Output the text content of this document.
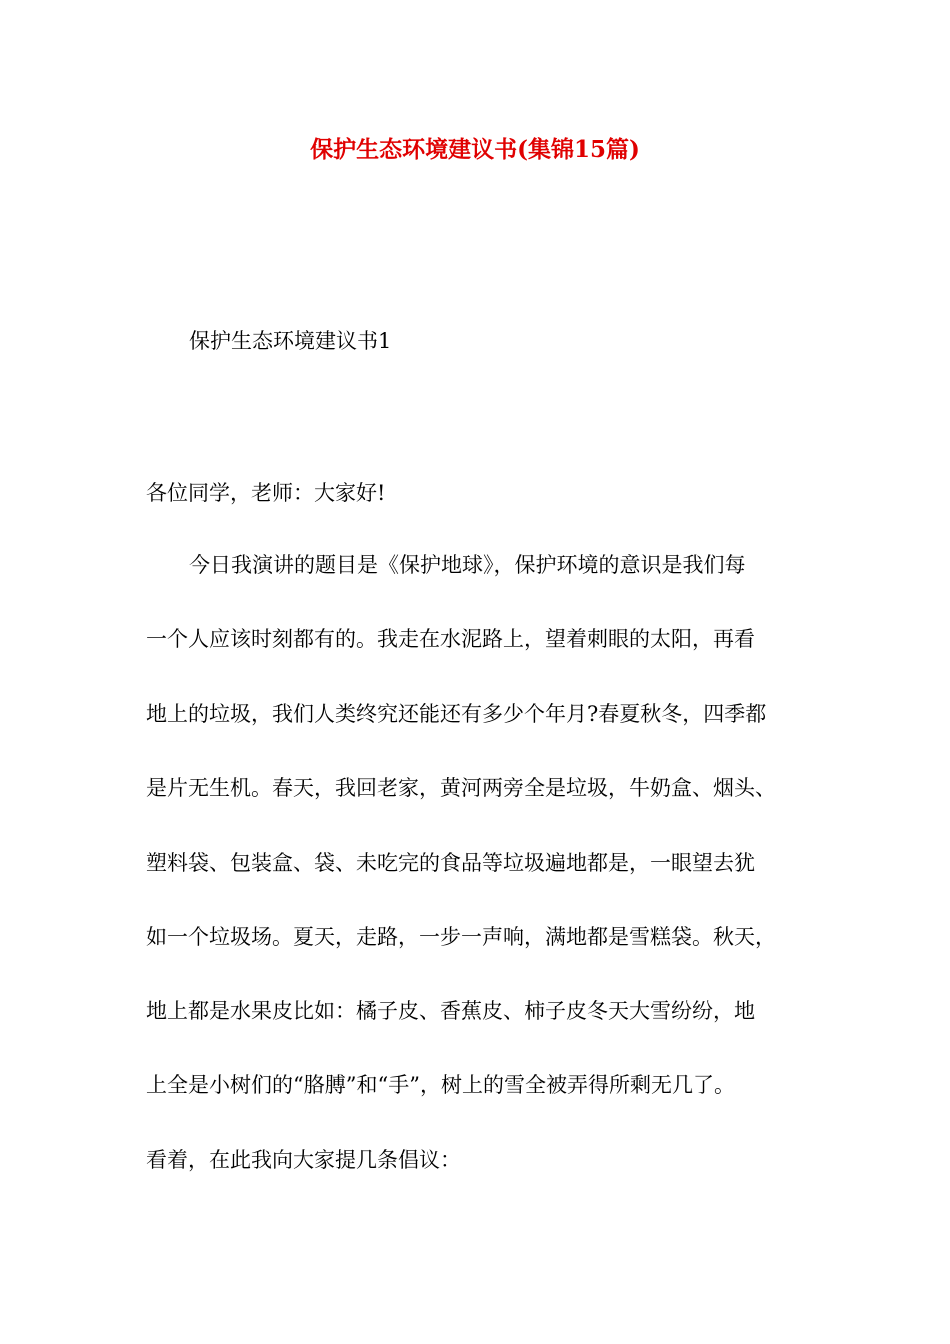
保护生态环境建议书(集锦15篇)
保护生态环境建议书1
各位同学，老师：大家好!
今日我演讲的题目是《保护地球》，保护环境的意识是我们每
一个人应该时刻都有的。我走在水泥路上，望着刺眼的太阳，再看
地上的垃圾，我们人类终究还能还有多少个年月?春夏秋冬，四季都
是片无生机。春天，我回老家，黄河两旁全是垃圾，牛奶盒、烟头、
塑料袋、包装盒、袋、未吃完的食品等垃圾遍地都是，一眼望去犹
如一个垃圾场。夏天，走路，一步一声响，满地都是雪糕袋。秋天，
地上都是水果皮比如：橘子皮、香蕉皮、柿子皮冬天大雪纷纷，地
上全是小树们的“胳膊”和“手”，树上的雪全被弄得所剩无几了。
看着，在此我向大家提几条倡议：
